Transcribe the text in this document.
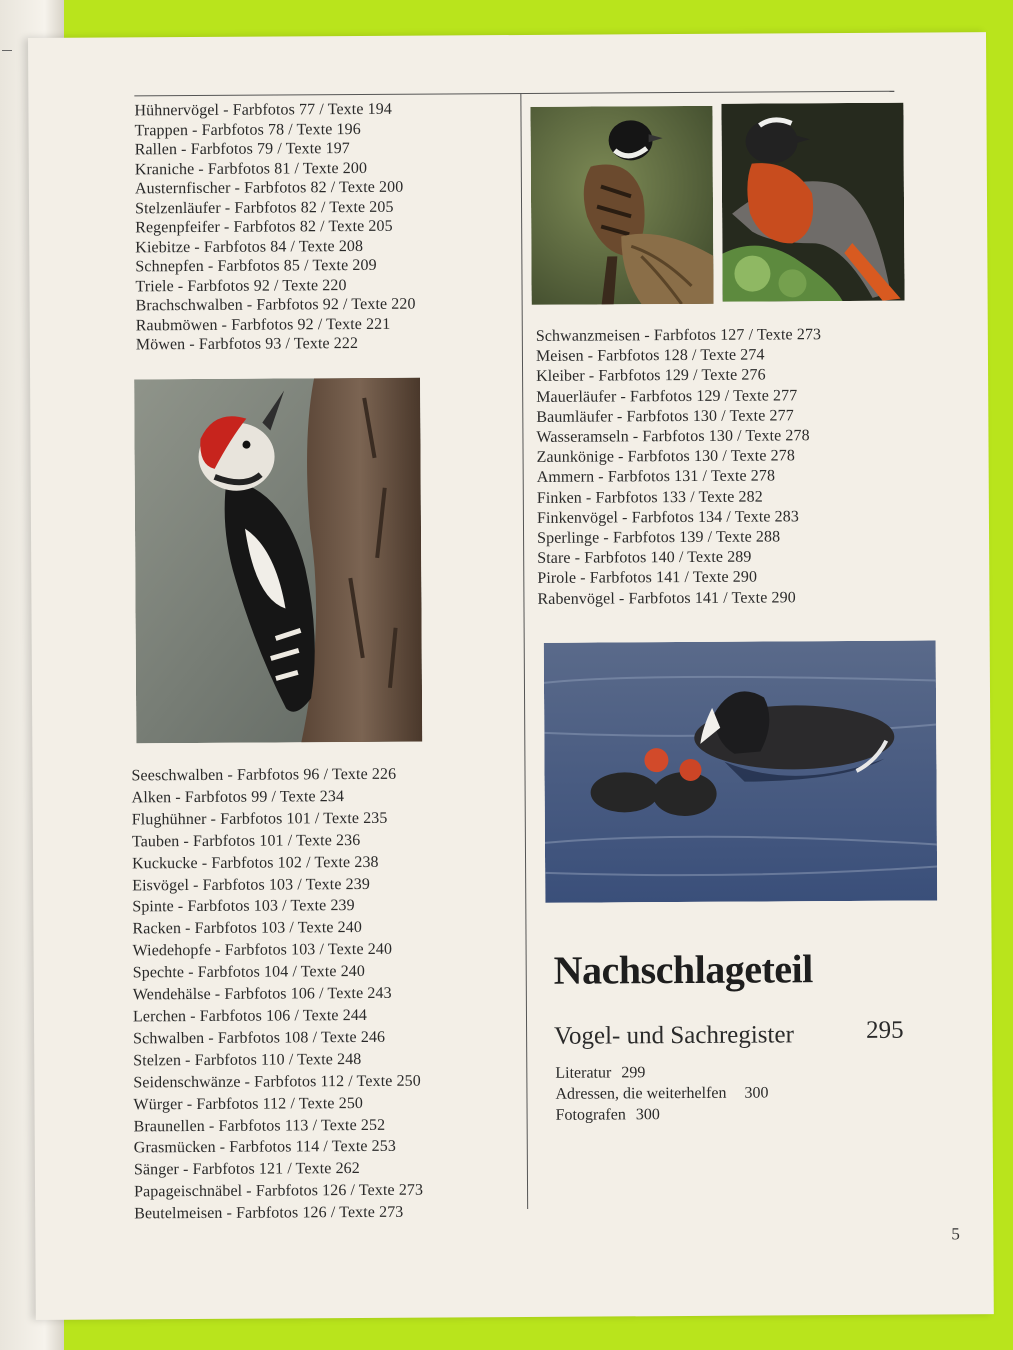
Hühnervögel - Farbfotos 77 / Texte 194
Trappen - Farbfotos 78 / Texte 196
Rallen - Farbfotos 79 / Texte 197
Kraniche - Farbfotos 81 / Texte 200
Austernfischer - Farbfotos 82 / Texte 200
Stelzenläufer - Farbfotos 82 / Texte 205
Regenpfeifer - Farbfotos 82 / Texte 205
Kiebitze - Farbfotos 84 / Texte 208
Schnepfen - Farbfotos 85 / Texte 209
Triele - Farbfotos 92 / Texte 220
Brachschwalben - Farbfotos 92 / Texte 220
Raubmöwen - Farbfotos 92 / Texte 221
Möwen - Farbfotos 93 / Texte 222
Seeschwalben - Farbfotos 96 / Texte 226
Alken - Farbfotos 99 / Texte 234
Flughühner - Farbfotos 101 / Texte 235
Tauben - Farbfotos 101 / Texte 236
Kuckucke - Farbfotos 102 / Texte 238
Eisvögel - Farbfotos 103 / Texte 239
Spinte - Farbfotos 103 / Texte 239
Racken - Farbfotos 103 / Texte 240
Wiedehopfe - Farbfotos 103 / Texte 240
Spechte - Farbfotos 104 / Texte 240
Wendehälse - Farbfotos 106 / Texte 243
Lerchen - Farbfotos 106 / Texte 244
Schwalben - Farbfotos 108 / Texte 246
Stelzen - Farbfotos 110 / Texte 248
Seidenschwänze - Farbfotos 112 / Texte 250
Würger - Farbfotos 112 / Texte 250
Braunellen - Farbfotos 113 / Texte 252
Grasmücken - Farbfotos 114 / Texte 253
Sänger - Farbfotos 121 / Texte 262
Papageischnäbel - Farbfotos 126 / Texte 273
Beutelmeisen - Farbfotos 126 / Texte 273
Schwanzmeisen - Farbfotos 127 / Texte 273
Meisen - Farbfotos 128 / Texte 274
Kleiber - Farbfotos 129 / Texte 276
Mauerläufer - Farbfotos 129 / Texte 277
Baumläufer - Farbfotos 130 / Texte 277
Wasseramseln - Farbfotos 130 / Texte 278
Zaunkönige - Farbfotos 130 / Texte 278
Ammern - Farbfotos 131 / Texte 278
Finken - Farbfotos 133 / Texte 282
Finkenvögel - Farbfotos 134 / Texte 283
Sperlinge - Farbfotos 139 / Texte 288
Stare - Farbfotos 140 / Texte 289
Pirole - Farbfotos 141 / Texte 290
Rabenvögel - Farbfotos 141 / Texte 290
Nachschlageteil
Vogel- und Sachregister	295
Literatur 299
Adressen, die weiterhelfen 300
Fotografen 300
5
